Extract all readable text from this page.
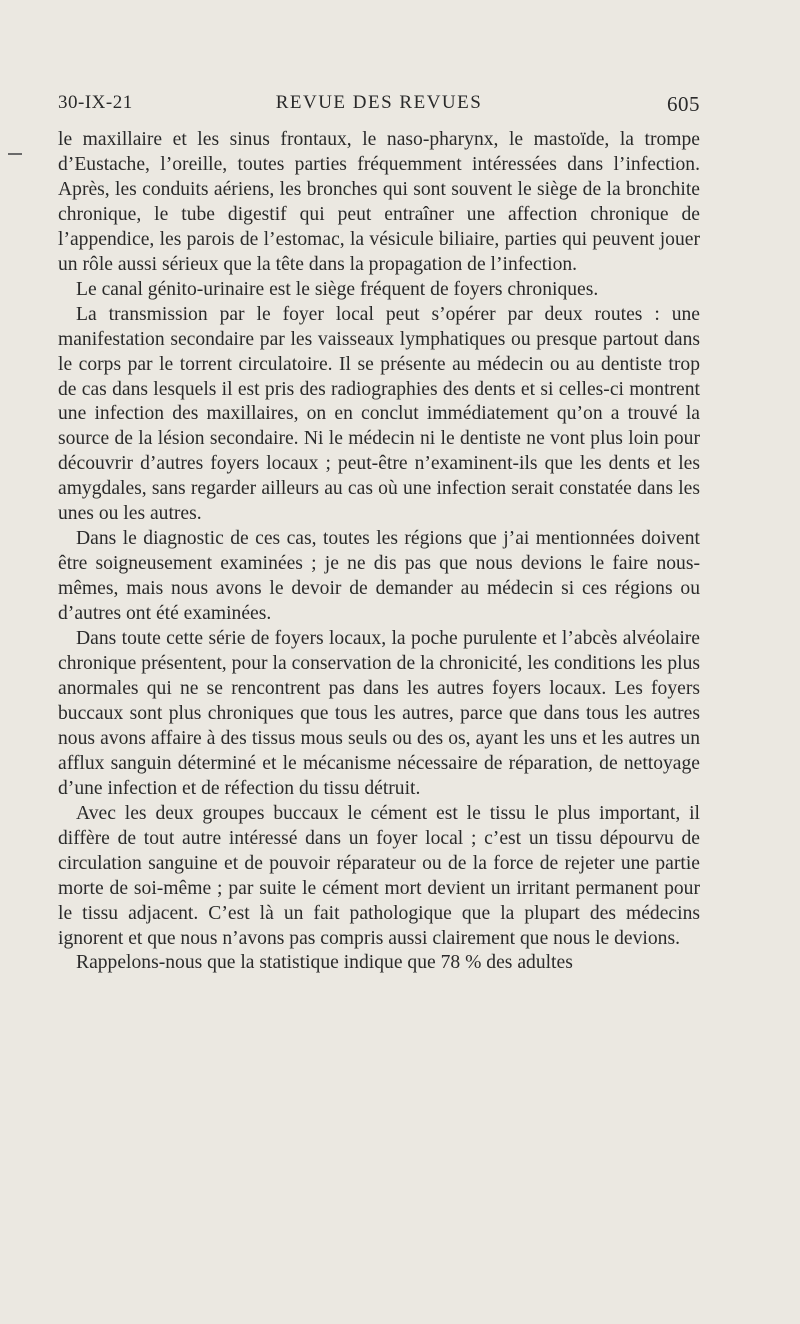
30-IX-21	REVUE DES REVUES	605

le maxillaire et les sinus frontaux, le naso-pharynx, le mastoïde, la trompe d’Eustache, l’oreille, toutes parties fréquemment intéressées dans l’infection. Après, les conduits aériens, les bronches qui sont souvent le siège de la bronchite chronique, le tube digestif qui peut entraîner une affection chronique de l’appendice, les parois de l’estomac, la vésicule biliaire, parties qui peuvent jouer un rôle aussi sérieux que la tête dans la propagation de l’infection.

Le canal génito-urinaire est le siège fréquent de foyers chroniques.

La transmission par le foyer local peut s’opérer par deux routes : une manifestation secondaire par les vaisseaux lymphatiques ou presque partout dans le corps par le torrent circulatoire. Il se présente au médecin ou au dentiste trop de cas dans lesquels il est pris des radiographies des dents et si celles-ci montrent une infection des maxillaires, on en conclut immédiatement qu’on a trouvé la source de la lésion secondaire. Ni le médecin ni le dentiste ne vont plus loin pour découvrir d’autres foyers locaux ; peut-être n’examinent-ils que les dents et les amygdales, sans regarder ailleurs au cas où une infection serait constatée dans les unes ou les autres.

Dans le diagnostic de ces cas, toutes les régions que j’ai mentionnées doivent être soigneusement examinées ; je ne dis pas que nous devions le faire nous-mêmes, mais nous avons le devoir de demander au médecin si ces régions ou d’autres ont été examinées.

Dans toute cette série de foyers locaux, la poche purulente et l’abcès alvéolaire chronique présentent, pour la conservation de la chronicité, les conditions les plus anormales qui ne se rencontrent pas dans les autres foyers locaux. Les foyers buccaux sont plus chroniques que tous les autres, parce que dans tous les autres nous avons affaire à des tissus mous seuls ou des os, ayant les uns et les autres un afflux sanguin déterminé et le mécanisme nécessaire de réparation, de nettoyage d’une infection et de réfection du tissu détruit.

Avec les deux groupes buccaux le cément est le tissu le plus important, il diffère de tout autre intéressé dans un foyer local ; c’est un tissu dépourvu de circulation sanguine et de pouvoir réparateur ou de la force de rejeter une partie morte de soi-même ; par suite le cément mort devient un irritant permanent pour le tissu adjacent. C’est là un fait pathologique que la plupart des médecins ignorent et que nous n’avons pas compris aussi clairement que nous le devions.

Rappelons-nous que la statistique indique que 78 % des adultes
